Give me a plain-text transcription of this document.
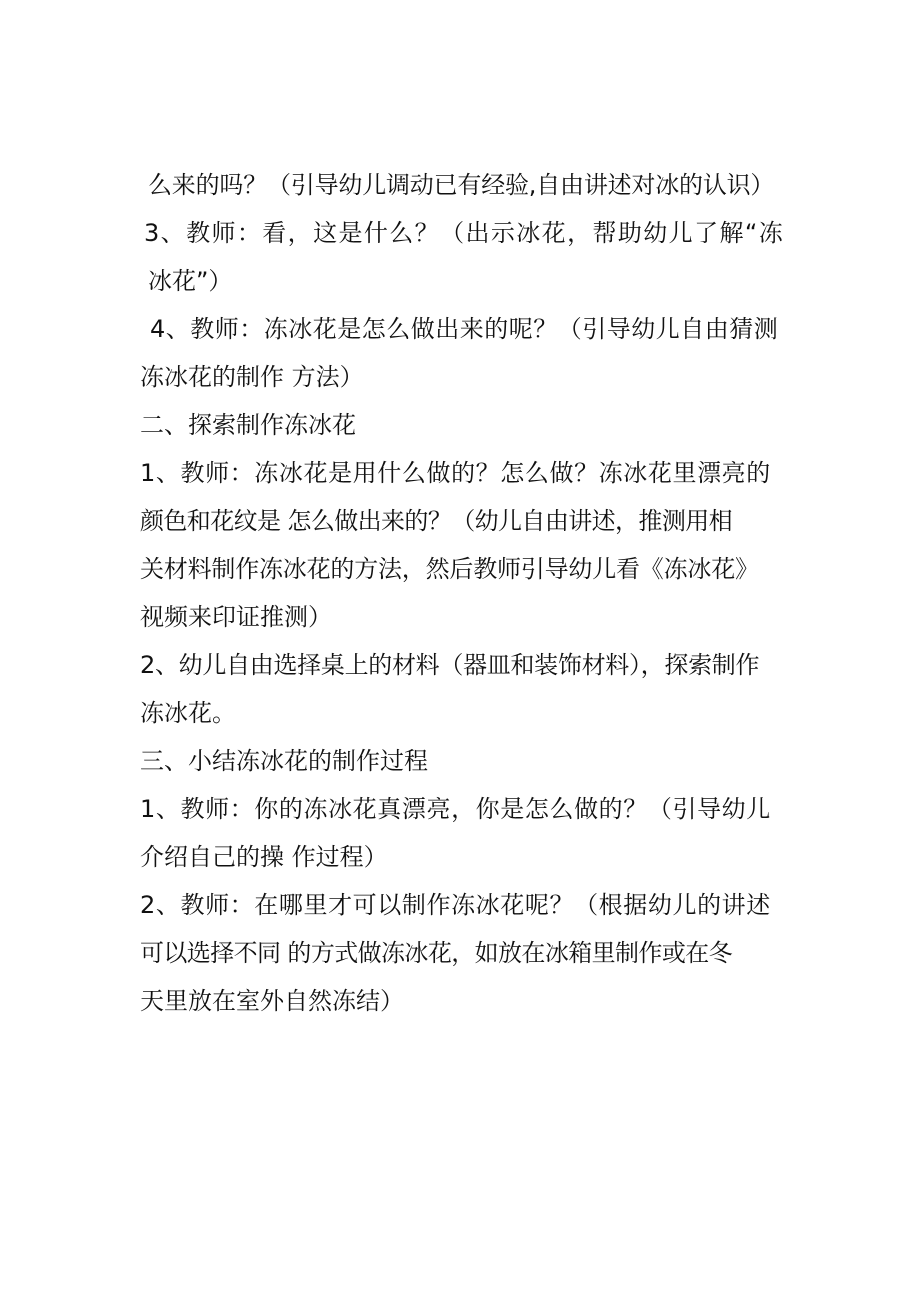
么来的吗？（引导幼儿调动已有经验,自由讲述对冰的认识）
3、教师：看，这是什么？（出示冰花，帮助幼儿了解“冻
冰花”）
4、教师：冻冰花是怎么做出来的呢？（引导幼儿自由猜测
冻冰花的制作 方法）
二、探索制作冻冰花
1、教师：冻冰花是用什么做的？怎么做？冻冰花里漂亮的
颜色和花纹是 怎么做出来的？（幼儿自由讲述，推测用相
关材料制作冻冰花的方法，然后教师引导幼儿看《冻冰花》
视频来印证推测）
2、幼儿自由选择桌上的材料（器皿和装饰材料），探索制作
冻冰花。
三、小结冻冰花的制作过程
1、教师：你的冻冰花真漂亮，你是怎么做的？（引导幼儿
介绍自己的操 作过程）
2、教师：在哪里才可以制作冻冰花呢？（根据幼儿的讲述
可以选择不同 的方式做冻冰花，如放在冰箱里制作或在冬
天里放在室外自然冻结）
